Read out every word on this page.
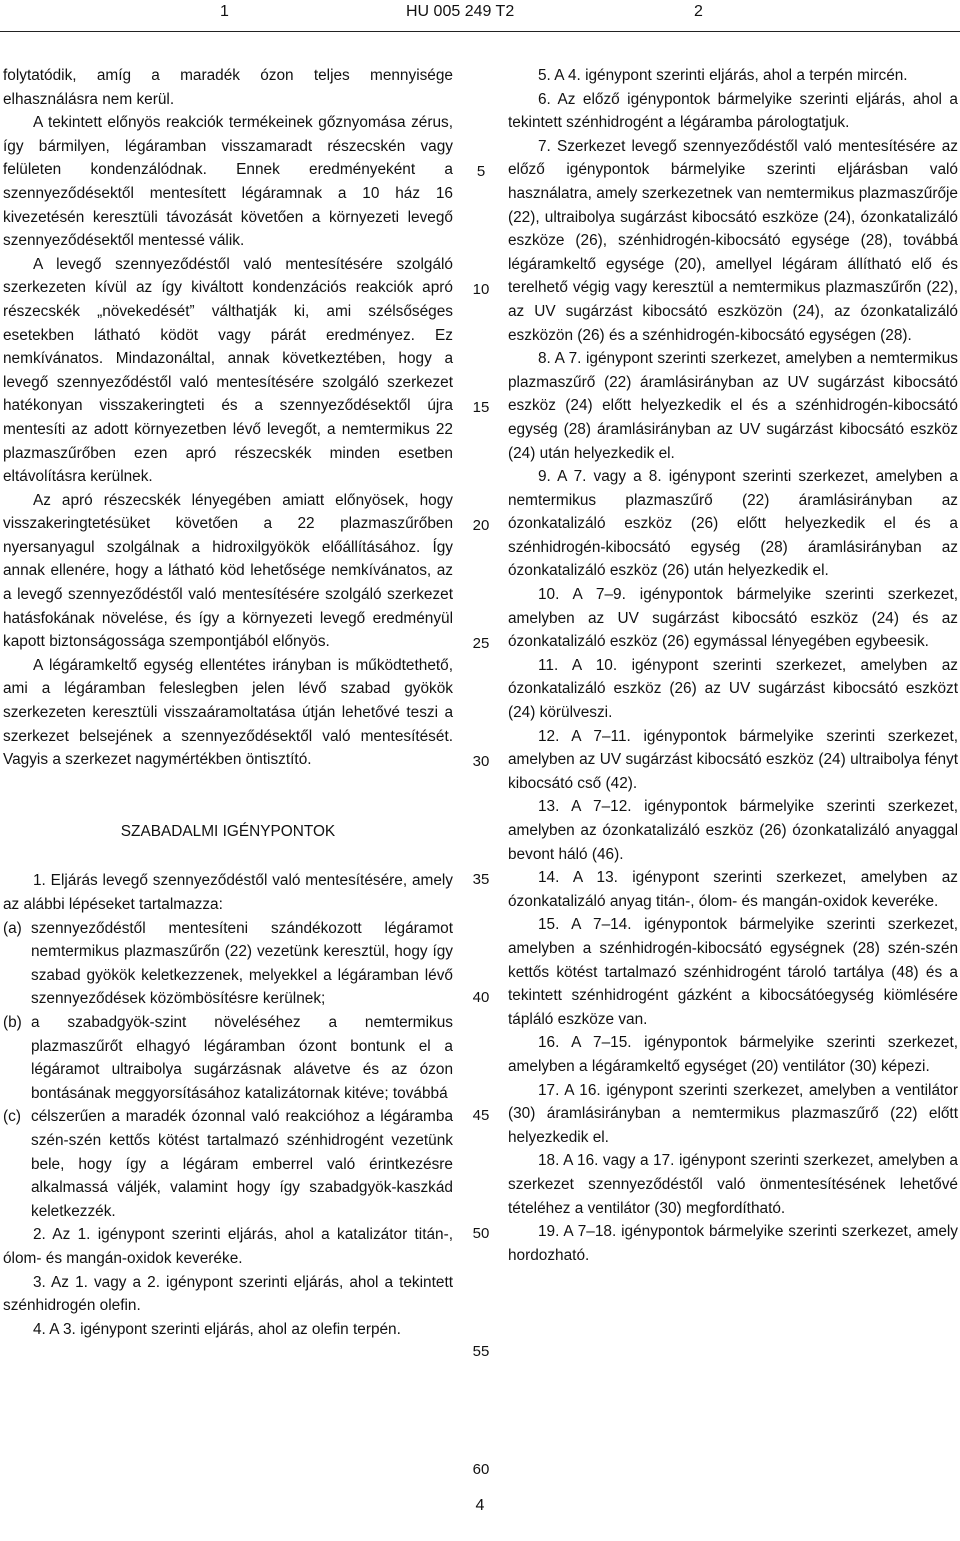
1	HU 005 249 T2	2

folytatódik, amíg a maradék ózon teljes mennyisége elhasználásra nem kerül.

A tekintett előnyös reakciók termékeinek gőznyomása zérus, így bármilyen, légáramban visszamaradt részecskén vagy felületen kondenzálódnak. Ennek eredményeként a szennyeződésektől mentesített légáramnak a 10 ház 16 kivezetésén keresztüli távozását követően a környezeti levegő szennyeződésektől mentessé válik.

A levegő szennyeződéstől való mentesítésére szolgáló szerkezeten kívül az így kiváltott kondenzációs reakciók apró részecskék „növekedését” válthatják ki, ami szélsőséges esetekben látható ködöt vagy párát eredményez. Ez nemkívánatos. Mindazonáltal, annak következtében, hogy a levegő szennyeződéstől való mentesítésére szolgáló szerkezet hatékonyan visszakeringteti és a szennyeződésektől újra mentesíti az adott környezetben lévő levegőt, a nemtermikus 22 plazmaszűrőben ezen apró részecskék minden esetben eltávolításra kerülnek.

Az apró részecskék lényegében amiatt előnyösek, hogy visszakeringtetésüket követően a 22 plazmaszűrőben nyersanyagul szolgálnak a hidroxilgyökök előállításához. Így annak ellenére, hogy a látható köd lehetősége nemkívánatos, az a levegő szennyeződéstől való mentesítésére szolgáló szerkezet hatásfokának növelése, és így a környezeti levegő eredményül kapott biztonságossága szempontjából előnyös.

A légáramkeltő egység ellentétes irányban is működtethető, ami a légáramban feleslegben jelen lévő szabad gyökök szerkezeten keresztüli visszaáramoltatása útján lehetővé teszi a szerkezet belsejének a szennyeződésektől való mentesítését. Vagyis a szerkezet nagymértékben öntisztító.

SZABADALMI IGÉNYPONTOK

1. Eljárás levegő szennyeződéstől való mentesítésére, amely az alábbi lépéseket tartalmazza:

(a) szennyeződéstől mentesíteni szándékozott légáramot nemtermikus plazmaszűrőn (22) vezetünk keresztül, hogy így szabad gyökök keletkezzenek, melyekkel a légáramban lévő szennyeződések közömbösítésre kerülnek;
(b) a szabadgyök-szint növeléséhez a nemtermikus plazmaszűrőt elhagyó légáramban ózont bontunk el a légáramot ultraibolya sugárzásnak alávetve és az ózon bontásának meggyorsításához katalizátornak kitéve; továbbá
(c) célszerűen a maradék ózonnal való reakcióhoz a légáramba szén-szén kettős kötést tartalmazó szénhidrogént vezetünk bele, hogy így a légáram emberrel való érintkezésre alkalmassá váljék, valamint hogy így szabadgyök-kaszkád keletkezzék.

2. Az 1. igénypont szerinti eljárás, ahol a katalizátor titán-, ólom- és mangán-oxidok keveréke.

3. Az 1. vagy a 2. igénypont szerinti eljárás, ahol a tekintett szénhidrogén olefin.

4. A 3. igénypont szerinti eljárás, ahol az olefin terpén.

5
10
15
20
25
30
35
40
45
50
55
60

5. A 4. igénypont szerinti eljárás, ahol a terpén mircén.

6. Az előző igénypontok bármelyike szerinti eljárás, ahol a tekintett szénhidrogént a légáramba párologtatjuk.

7. Szerkezet levegő szennyeződéstől való mentesítésére az előző igénypontok bármelyike szerinti eljárásban való használatra, amely szerkezetnek van nemtermikus plazmaszűrője (22), ultraibolya sugárzást kibocsátó eszköze (24), ózonkatalizáló eszköze (26), szénhidrogén-kibocsátó egysége (28), továbbá légáramkeltő egysége (20), amellyel légáram állítható elő és terelhető végig vagy keresztül a nemtermikus plazmaszűrőn (22), az UV sugárzást kibocsátó eszközön (24), az ózonkatalizáló eszközön (26) és a szénhidrogén-kibocsátó egységen (28).

8. A 7. igénypont szerinti szerkezet, amelyben a nemtermikus plazmaszűrő (22) áramlásirányban az UV sugárzást kibocsátó eszköz (24) előtt helyezkedik el és a szénhidrogén-kibocsátó egység (28) áramlásirányban az UV sugárzást kibocsátó eszköz (24) után helyezkedik el.

9. A 7. vagy a 8. igénypont szerinti szerkezet, amelyben a nemtermikus plazmaszűrő (22) áramlásirányban az ózonkatalizáló eszköz (26) előtt helyezkedik el és a szénhidrogén-kibocsátó egység (28) áramlásirányban az ózonkatalizáló eszköz (26) után helyezkedik el.

10. A 7–9. igénypontok bármelyike szerinti szerkezet, amelyben az UV sugárzást kibocsátó eszköz (24) és az ózonkatalizáló eszköz (26) egymással lényegében egybeesik.

11. A 10. igénypont szerinti szerkezet, amelyben az ózonkatalizáló eszköz (26) az UV sugárzást kibocsátó eszközt (24) körülveszi.

12. A 7–11. igénypontok bármelyike szerinti szerkezet, amelyben az UV sugárzást kibocsátó eszköz (24) ultraibolya fényt kibocsátó cső (42).

13. A 7–12. igénypontok bármelyike szerinti szerkezet, amelyben az ózonkatalizáló eszköz (26) ózonkatalizáló anyaggal bevont háló (46).

14. A 13. igénypont szerinti szerkezet, amelyben az ózonkatalizáló anyag titán-, ólom- és mangán-oxidok keveréke.

15. A 7–14. igénypontok bármelyike szerinti szerkezet, amelyben a szénhidrogén-kibocsátó egységnek (28) szén-szén kettős kötést tartalmazó szénhidrogént tároló tartálya (48) és a tekintett szénhidrogént gázként a kibocsátóegység kiömlésére tápláló eszköze van.

16. A 7–15. igénypontok bármelyike szerinti szerkezet, amelyben a légáramkeltő egységet (20) ventilátor (30) képezi.

17. A 16. igénypont szerinti szerkezet, amelyben a ventilátor (30) áramlásirányban a nemtermikus plazmaszűrő (22) előtt helyezkedik el.

18. A 16. vagy a 17. igénypont szerinti szerkezet, amelyben a szerkezet szennyeződéstől való önmentesítésének lehetővé tételéhez a ventilátor (30) megfordítható.

19. A 7–18. igénypontok bármelyike szerinti szerkezet, amely hordozható.

4
